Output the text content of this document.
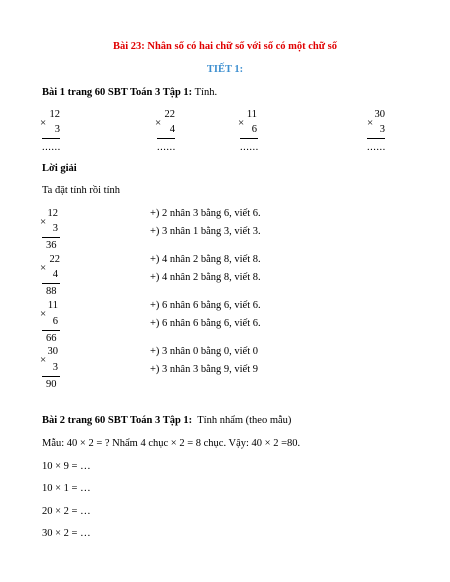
Bài 23: Nhân số có hai chữ số với số có một chữ số
TIẾT 1:
Bài 1 trang 60 SBT Toán 3 Tập 1: Tính.
12
×
3
......
22
×
4
......
11
×
6
......
30
×
3
......
Lời giải
Ta đặt tính rồi tính
12
×
3
36
+) 2 nhân 3 bằng 6, viết 6.
+) 3 nhân 1 bằng 3, viết 3.
22
×
4
88
+) 4 nhân 2 bằng 8, viết 8.
+) 4 nhân 2 bằng 8, viết 8.
11
×
6
66
+) 6 nhân 6 bằng 6, viết 6.
+) 6 nhân 6 bằng 6, viết 6.
30
×
3
90
+) 3 nhân 0 bằng 0, viết 0
+) 3 nhân 3 bằng 9, viết 9
Bài 2 trang 60 SBT Toán 3 Tập 1:  Tính nhẩm (theo mẫu)
Mẫu: 40 × 2 = ? Nhẩm 4 chục × 2 = 8 chục. Vậy: 40 × 2 =80.
10 × 9 = …
10 × 1 = …
20 × 2 = …
30 × 2 = …
